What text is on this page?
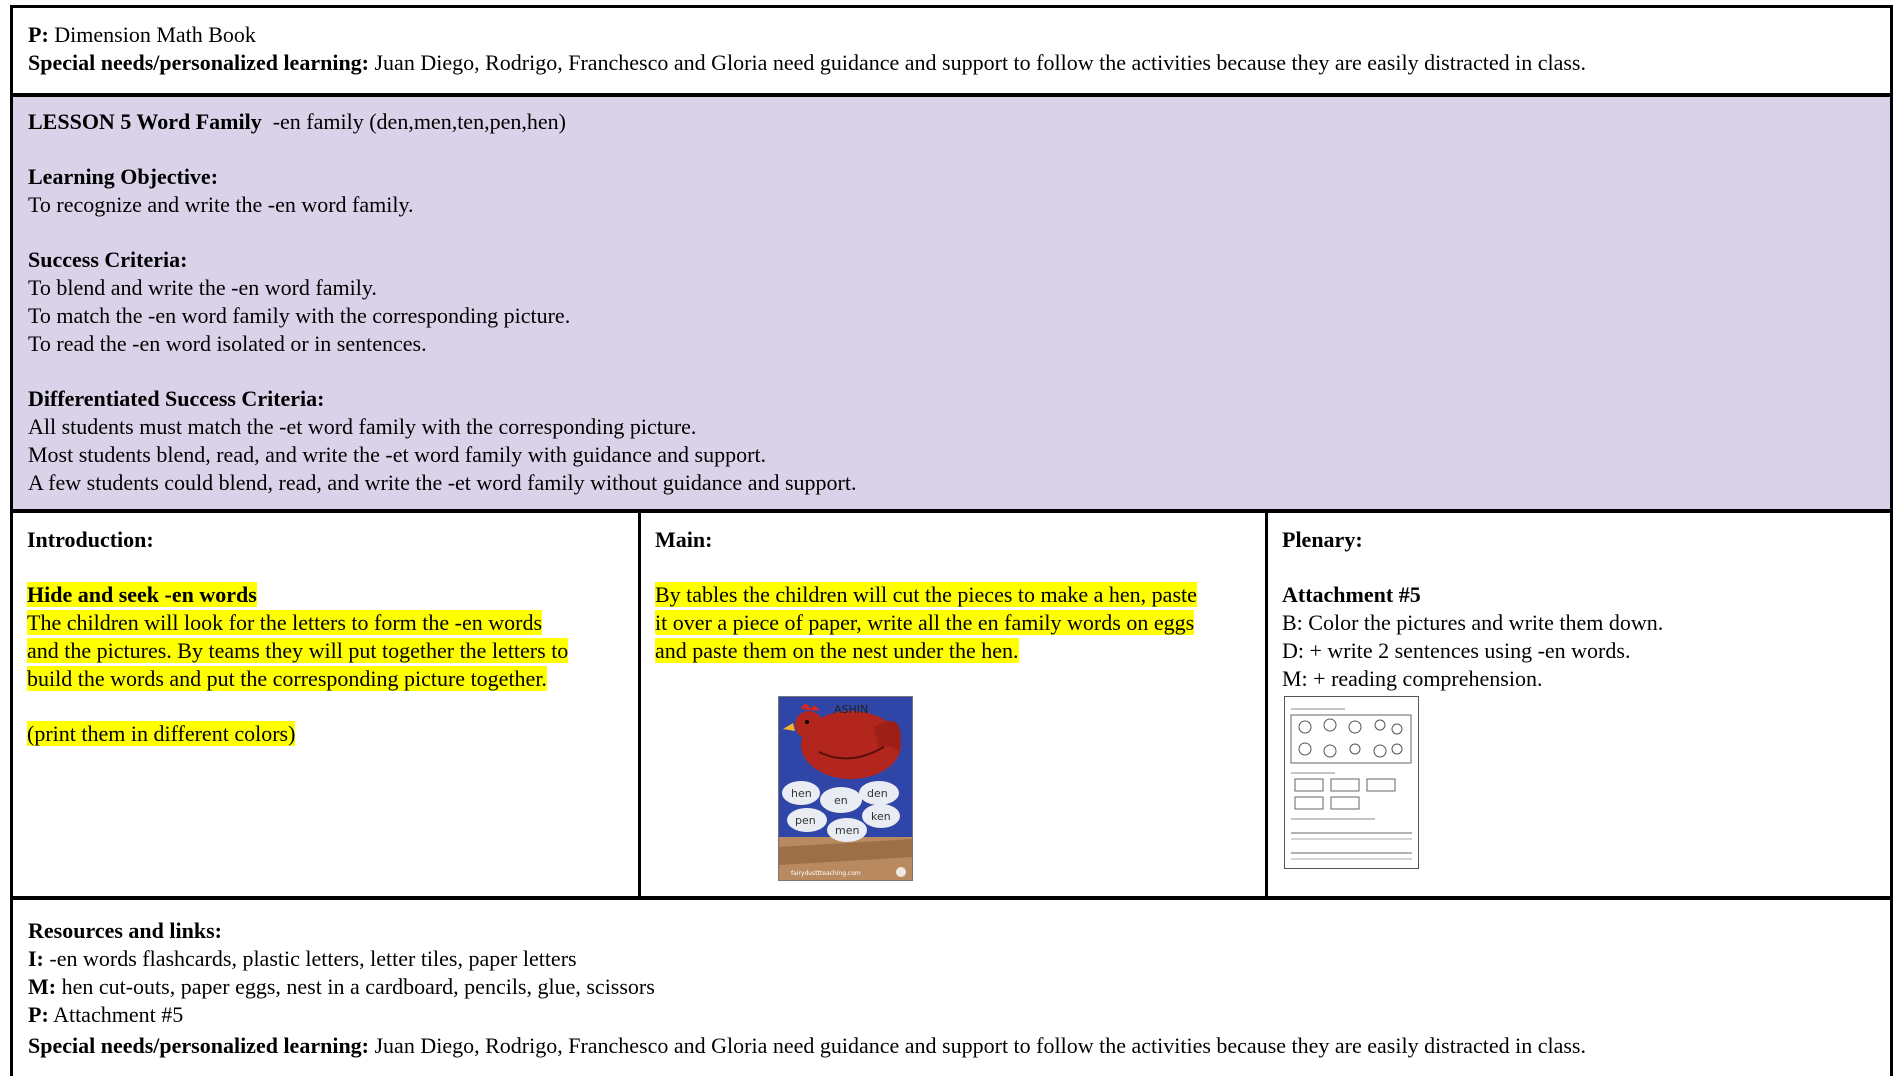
P: Dimension Math Book

Special needs/personalized learning: Juan Diego, Rodrigo, Franchesco and Gloria need guidance and support to follow the activities because they are easily distracted in class.

LESSON 5 Word Family -en family (den,men,ten,pen,hen)

Learning Objective:

To recognize and write the -en word family.

Success Criteria:

To blend and write the -en word family.

To match the -en word family with the corresponding picture.

To read the -en word isolated or in sentences.

Differentiated Success Criteria:

All students must match the -et word family with the corresponding picture.

Most students blend, read, and write the -et word family with guidance and support.

A few students could blend, read, and write the -et word family without guidance and support.

Introduction:

Hide and seek -en words

The children will look for the letters to form the -en words

and the pictures. By teams they will put together the letters to

build the words and put the corresponding picture together.

(print them in different colors)

Main:

By tables the children will cut the pieces to make a hen, paste

it over a piece of paper, write all the en family words on eggs

and paste them on the nest under the hen.

Plenary:

Attachment #5

B: Color the pictures and write them down.

D: + write 2 sentences using -en words.

M: + reading comprehension.

ASHIN
hen
en
den
pen
men
ken
fairydusttteaching.com

Resources and links:

I: -en words flashcards, plastic letters, letter tiles, paper letters

M: hen cut-outs, paper eggs, nest in a cardboard, pencils, glue, scissors

P: Attachment #5

Special needs/personalized learning: Juan Diego, Rodrigo, Franchesco and Gloria need guidance and support to follow the activities because they are easily distracted in class.
